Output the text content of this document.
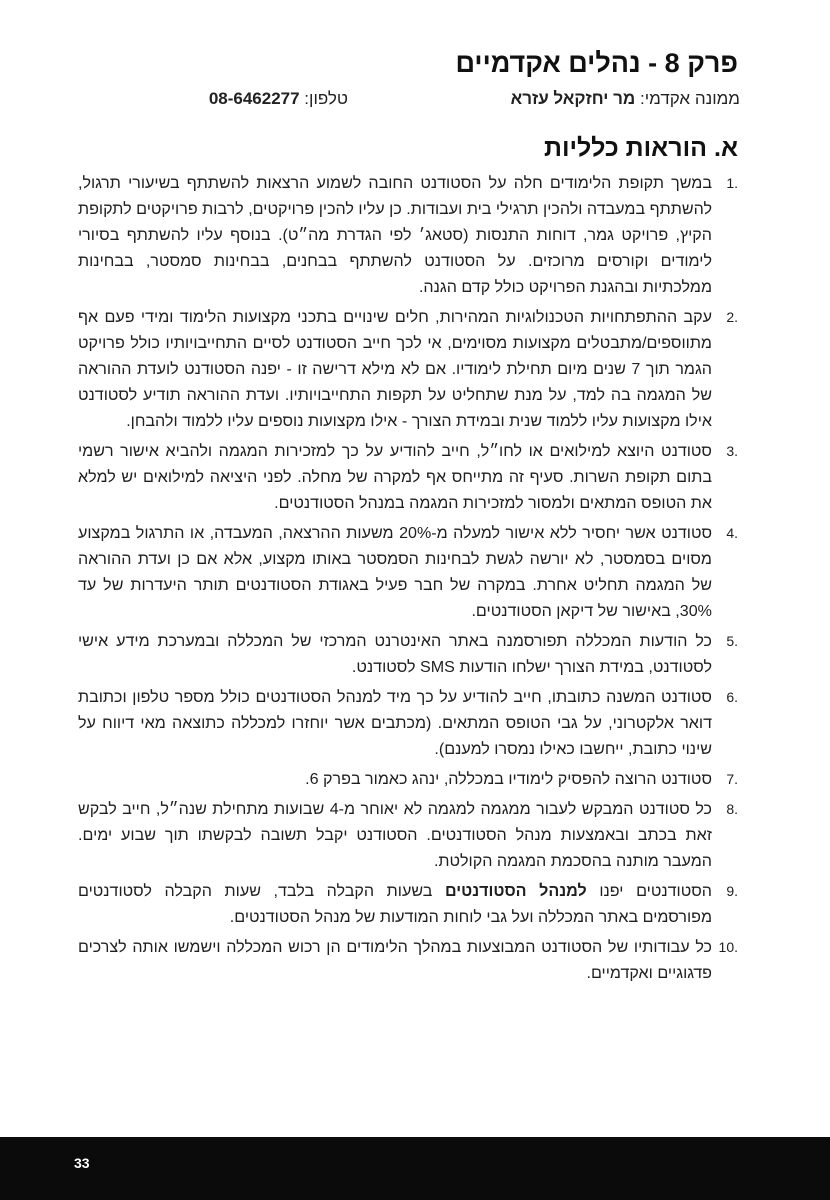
פרק 8 - נהלים אקדמיים
ממונה אקדמי: מר יחזקאל עזרא
טלפון: 08-6462277
א. הוראות כלליות
1.
במשך תקופת הלימודים חלה על הסטודנט החובה לשמוע הרצאות להשתתף בשיעורי תרגול, להשתתף במעבדה ולהכין תרגילי בית ועבודות. כן עליו להכין פרויקטים, לרבות פרויקטים לתקופת הקיץ, פרויקט גמר, דוחות התנסות (סטאג׳ לפי הגדרת מה״ט). בנוסף עליו להשתתף בסיורי לימודים וקורסים מרוכזים. על הסטודנט להשתתף בבחנים, בבחינות סמסטר, בבחינות ממלכתיות ובהגנת הפרויקט כולל קדם הגנה.
2.
עקב ההתפתחויות הטכנולוגיות המהירות, חלים שינויים בתכני מקצועות הלימוד ומידי פעם אף מתווספים/מתבטלים מקצועות מסוימים, אי לכך חייב הסטודנט לסיים התחייבויותיו כולל פרויקט הגמר תוך 7 שנים מיום תחילת לימודיו. אם לא מילא דרישה זו - יפנה הסטודנט לועדת ההוראה של המגמה בה למד, על מנת שתחליט על תקפות התחייבויותיו. ועדת ההוראה תודיע לסטודנט אילו מקצועות עליו ללמוד שנית ובמידת הצורך - אילו מקצועות נוספים עליו ללמוד ולהבחן.
3.
סטודנט היוצא למילואים או לחו״ל, חייב להודיע על כך למזכירות המגמה ולהביא אישור רשמי בתום תקופת השרות. סעיף זה מתייחס אף למקרה של מחלה. לפני היציאה למילואים יש למלא את הטופס המתאים ולמסור למזכירות המגמה במנהל הסטודנטים.
4.
סטודנט אשר יחסיר ללא אישור למעלה מ-20% משעות ההרצאה, המעבדה, או התרגול במקצוע מסוים בסמסטר, לא יורשה לגשת לבחינות הסמסטר באותו מקצוע, אלא אם כן ועדת ההוראה של המגמה תחליט אחרת. במקרה של חבר פעיל באגודת הסטודנטים תותר היעדרות של עד 30%, באישור של דיקאן הסטודנטים.
5.
כל הודעות המכללה תפורסמנה באתר האינטרנט המרכזי של המכללה ובמערכת מידע אישי לסטודנט, במידת הצורך ישלחו הודעות SMS לסטודנט.
6.
סטודנט המשנה כתובתו, חייב להודיע על כך מיד למנהל הסטודנטים כולל מספר טלפון וכתובת דואר אלקטרוני, על גבי הטופס המתאים. (מכתבים אשר יוחזרו למכללה כתוצאה מאי דיווח על שינוי כתובת, ייחשבו כאילו נמסרו למענם).
7.
סטודנט הרוצה להפסיק לימודיו במכללה, ינהג כאמור בפרק 6.
8.
כל סטודנט המבקש לעבור ממגמה למגמה לא יאוחר מ-4 שבועות מתחילת שנה״ל, חייב לבקש זאת בכתב ובאמצעות מנהל הסטודנטים. הסטודנט יקבל תשובה לבקשתו תוך שבוע ימים. המעבר מותנה בהסכמת המגמה הקולטת.
9.
הסטודנטים יפנו למנהל הסטודנטים בשעות הקבלה בלבד, שעות הקבלה לסטודנטים מפורסמים באתר המכללה ועל גבי לוחות המודעות של מנהל הסטודנטים.
10.
כל עבודותיו של הסטודנט המבוצעות במהלך הלימודים הן רכוש המכללה וישמשו אותה לצרכים פדגוגיים ואקדמיים.
33
